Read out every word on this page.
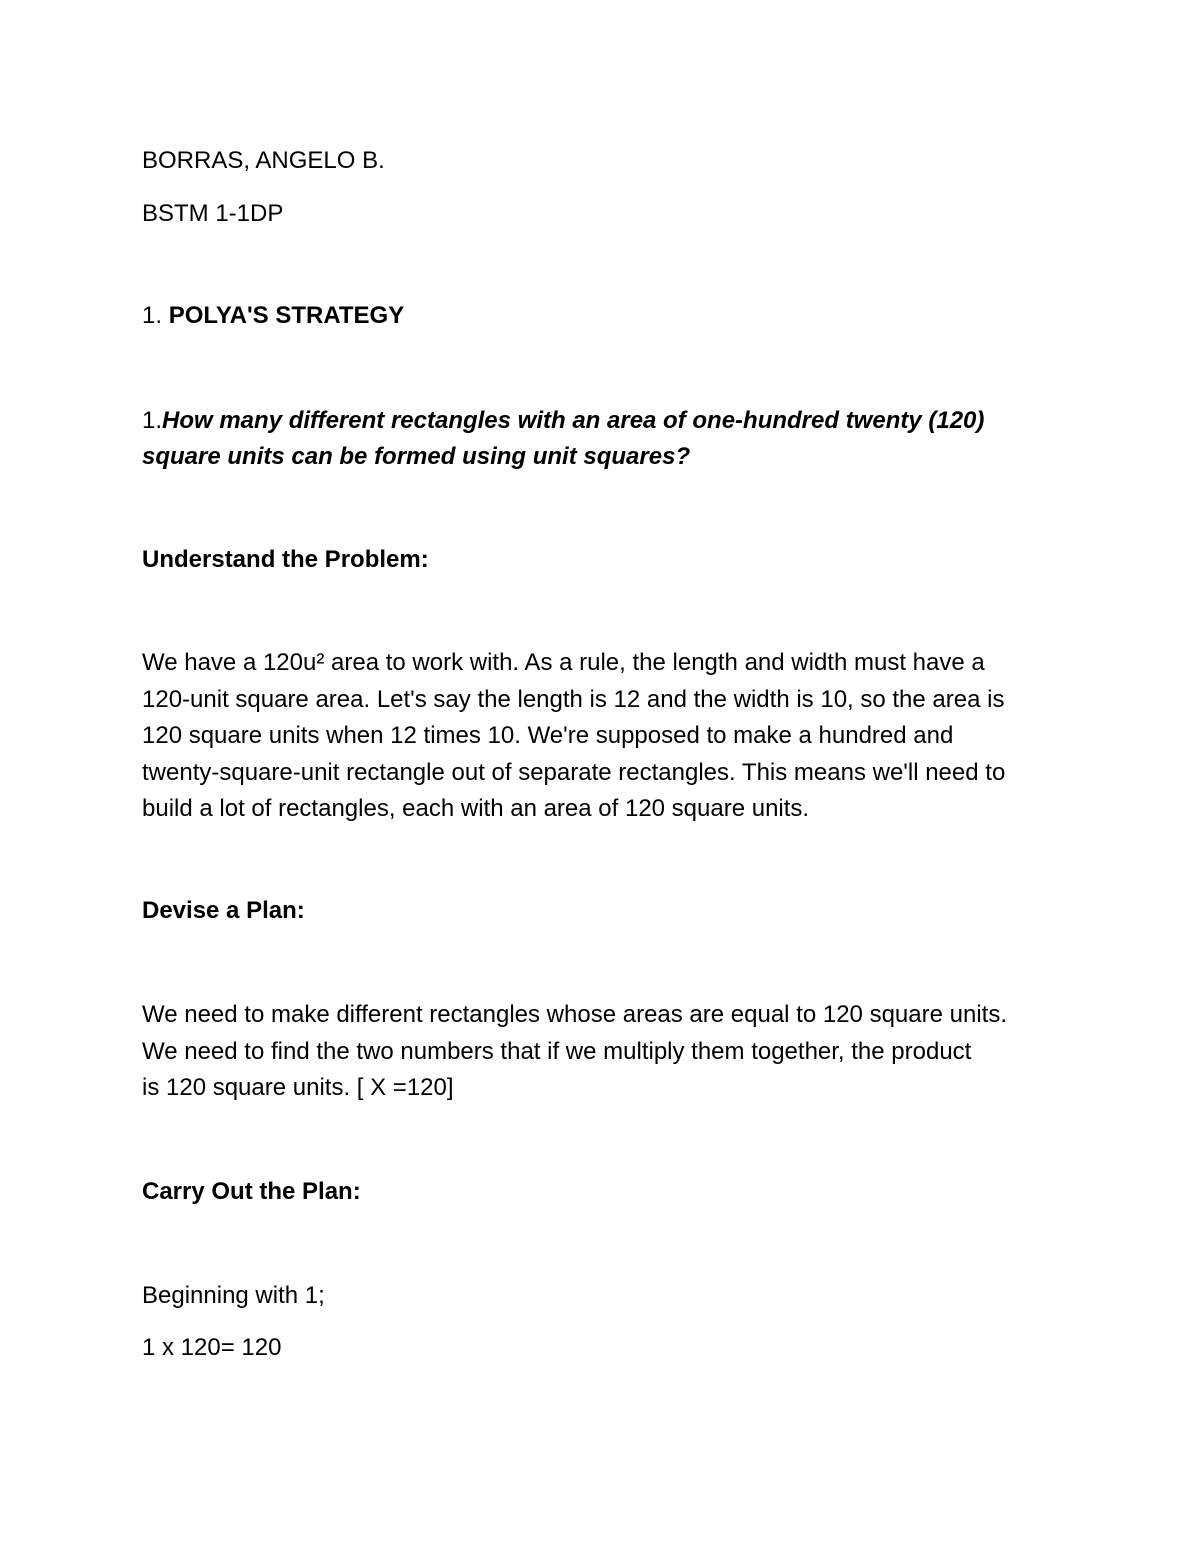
BORRAS, ANGELO B.
BSTM 1-1DP
1. POLYA'S STRATEGY
1.How many different rectangles with an area of one-hundred twenty (120)
square units can be formed using unit squares?
Understand the Problem:

We have a 120u² area to work with. As a rule, the length and width must have a

120-unit square area. Let's say the length is 12 and the width is 10, so the area is

120 square units when 12 times 10. We're supposed to make a hundred and

twenty-square-unit rectangle out of separate rectangles. This means we'll need to

build a lot of rectangles, each with an area of 120 square units.

Devise a Plan:

We need to make different rectangles whose areas are equal to 120 square units.

We need to find the two numbers that if we multiply them together, the product

is 120 square units. [ X =120]

Carry Out the Plan:
Beginning with 1;
1 x 120= 120
